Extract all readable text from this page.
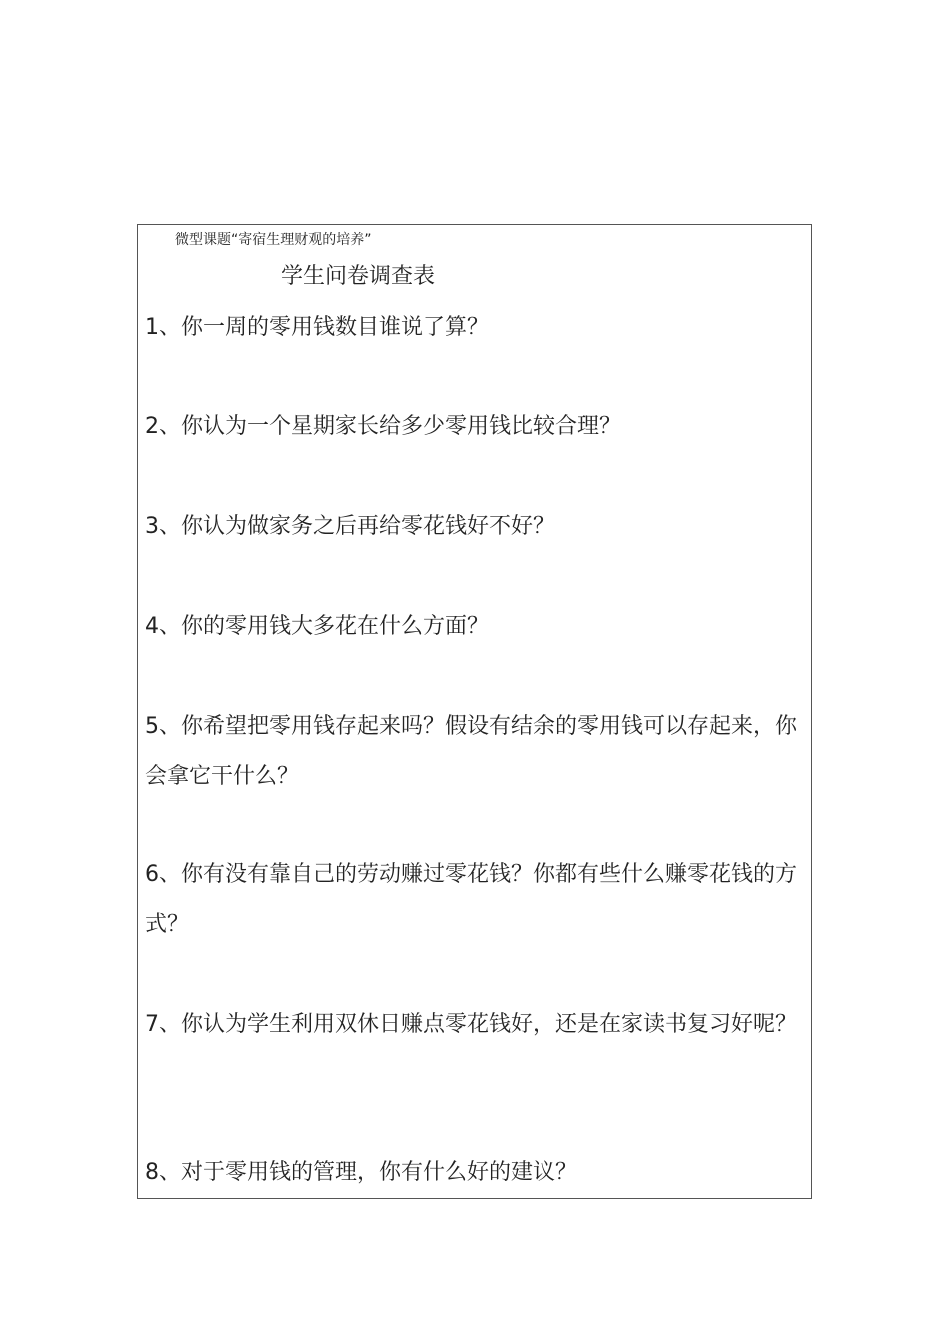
微型课题“寄宿生理财观的培养”
学生问卷调查表
1、你一周的零用钱数目谁说了算？
2、你认为一个星期家长给多少零用钱比较合理？
3、你认为做家务之后再给零花钱好不好？
4、你的零用钱大多花在什么方面？
5、你希望把零用钱存起来吗？假设有结余的零用钱可以存起来，你会拿它干什么？
6、你有没有靠自己的劳动赚过零花钱？你都有些什么赚零花钱的方式？
7、你认为学生利用双休日赚点零花钱好，还是在家读书复习好呢？
8、对于零用钱的管理，你有什么好的建议？
